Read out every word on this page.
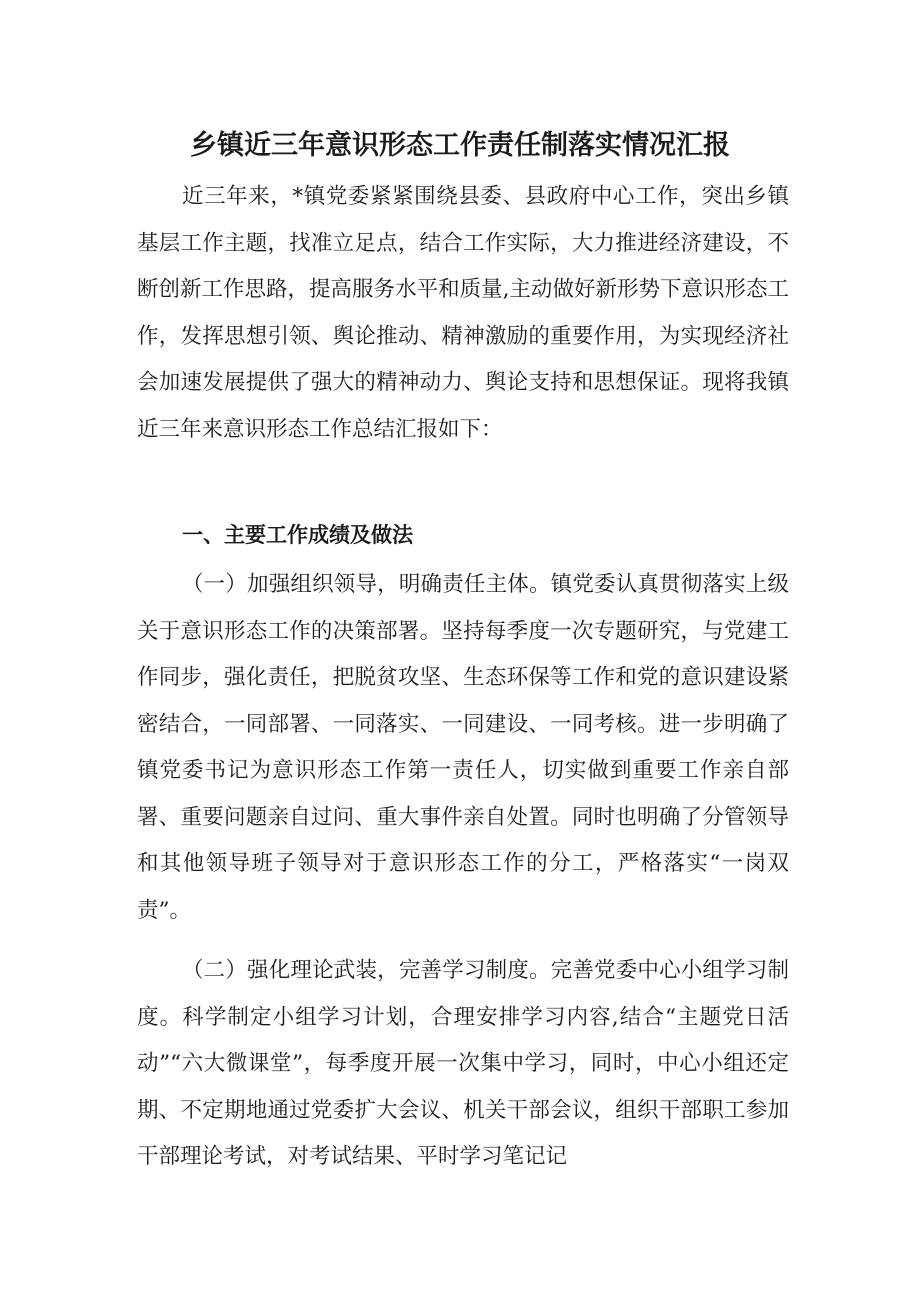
乡镇近三年意识形态工作责任制落实情况汇报

近三年来，*镇党委紧紧围绕县委、县政府中心工作，突出乡镇基层工作主题，找准立足点，结合工作实际，大力推进经济建设，不断创新工作思路，提高服务水平和质量,主动做好新形势下意识形态工作，发挥思想引领、舆论推动、精神激励的重要作用，为实现经济社会加速发展提供了强大的精神动力、舆论支持和思想保证。现将我镇近三年来意识形态工作总结汇报如下：

一、主要工作成绩及做法

（一）加强组织领导，明确责任主体。镇党委认真贯彻落实上级关于意识形态工作的决策部署。坚持每季度一次专题研究，与党建工作同步，强化责任，把脱贫攻坚、生态环保等工作和党的意识建设紧密结合，一同部署、一同落实、一同建设、一同考核。进一步明确了镇党委书记为意识形态工作第一责任人，切实做到重要工作亲自部署、重要问题亲自过问、重大事件亲自处置。同时也明确了分管领导和其他领导班子领导对于意识形态工作的分工，严格落实“一岗双责”。

（二）强化理论武装，完善学习制度。完善党委中心小组学习制度。科学制定小组学习计划，合理安排学习内容,结合“主题党日活动”“六大微课堂”，每季度开展一次集中学习，同时，中心小组还定期、不定期地通过党委扩大会议、机关干部会议，组织干部职工参加干部理论考试，对考试结果、平时学习笔记记
